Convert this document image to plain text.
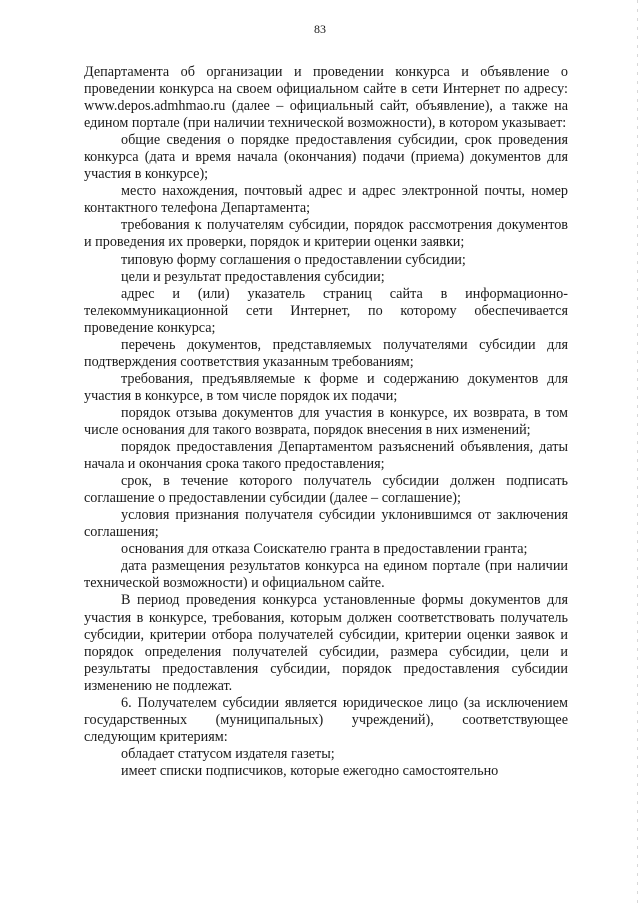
83

Департамента об организации и проведении конкурса и объявление о проведении конкурса на своем официальном сайте в сети Интернет по адресу: www.depos.admhmao.ru (далее – официальный сайт, объявление), а также на едином портале (при наличии технической возможности), в котором указывает:

общие сведения о порядке предоставления субсидии, срок проведения конкурса (дата и время начала (окончания) подачи (приема) документов для участия в конкурсе);

место нахождения, почтовый адрес и адрес электронной почты, номер контактного телефона Департамента;

требования к получателям субсидии, порядок рассмотрения документов и проведения их проверки, порядок и критерии оценки заявки;

типовую форму соглашения о предоставлении субсидии;

цели и результат предоставления субсидии;

адрес и (или) указатель страниц сайта в информационно-телекоммуникационной сети Интернет, по которому обеспечивается проведение конкурса;

перечень документов, представляемых получателями субсидии для подтверждения соответствия указанным требованиям;

требования, предъявляемые к форме и содержанию документов для участия в конкурсе, в том числе порядок их подачи;

порядок отзыва документов для участия в конкурсе, их возврата, в том числе основания для такого возврата, порядок внесения в них изменений;

порядок предоставления Департаментом разъяснений объявления, даты начала и окончания срока такого предоставления;

срок, в течение которого получатель субсидии должен подписать соглашение о предоставлении субсидии (далее – соглашение);

условия признания получателя субсидии уклонившимся от заключения соглашения;

основания для отказа Соискателю гранта в предоставлении гранта;

дата размещения результатов конкурса на едином портале (при наличии технической возможности) и официальном сайте.

В период проведения конкурса установленные формы документов для участия в конкурсе, требования, которым должен соответствовать получатель субсидии, критерии отбора получателей субсидии, критерии оценки заявок и порядок определения получателей субсидии, размера субсидии, цели и результаты предоставления субсидии, порядок предоставления субсидии изменению не подлежат.

6. Получателем субсидии является юридическое лицо (за исключением государственных (муниципальных) учреждений), соответствующее следующим критериям:

обладает статусом издателя газеты;

имеет списки подписчиков, которые ежегодно самостоятельно
